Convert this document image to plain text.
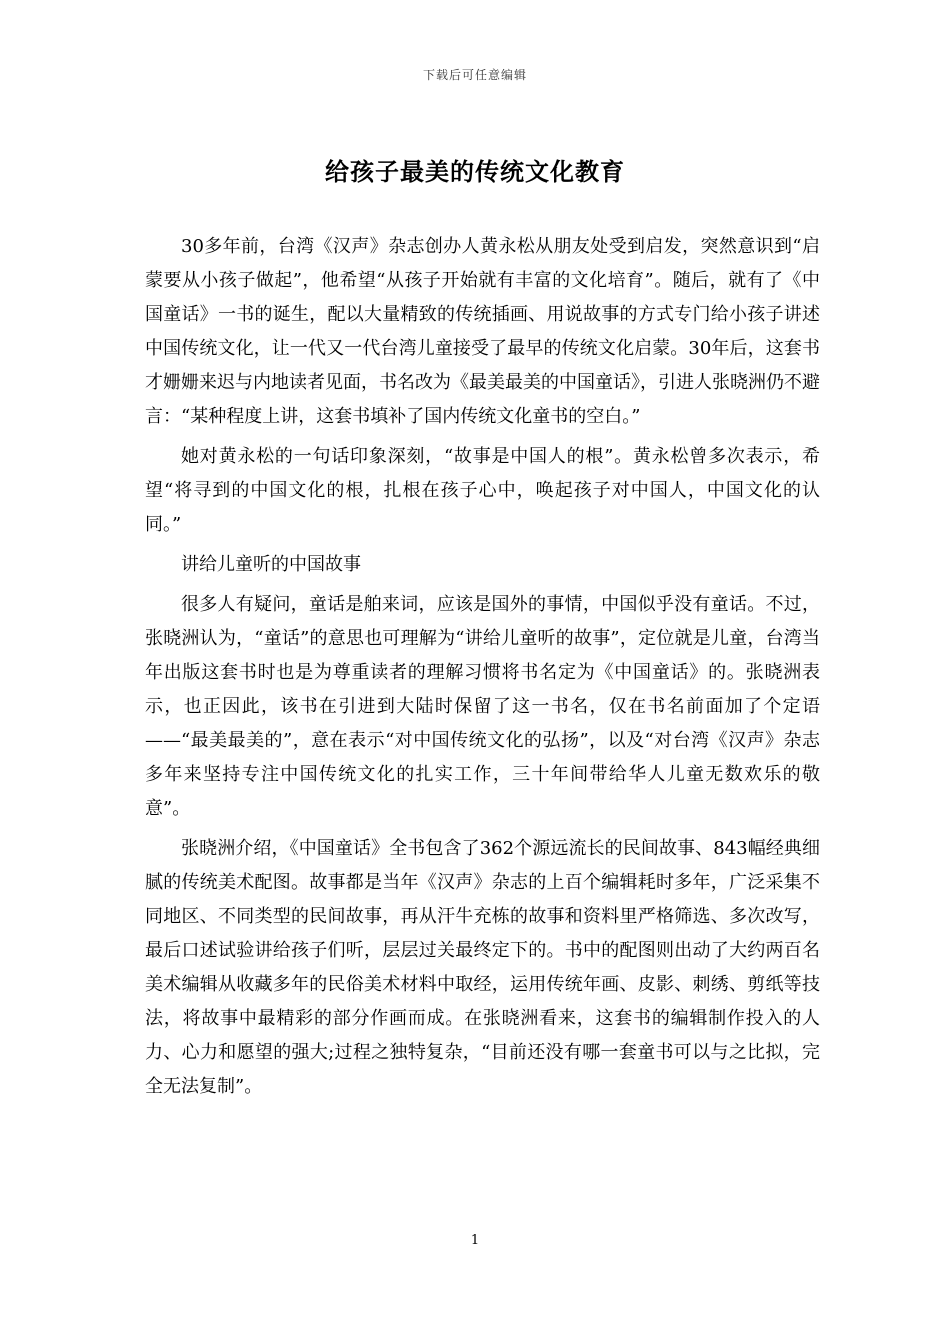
下载后可任意编辑
给孩子最美的传统文化教育

30多年前，台湾《汉声》杂志创办人黄永松从朋友处受到启发，突然意识到“启蒙要从小孩子做起”，他希望“从孩子开始就有丰富的文化培育”。随后，就有了《中国童话》一书的诞生，配以大量精致的传统插画、用说故事的方式专门给小孩子讲述中国传统文化，让一代又一代台湾儿童接受了最早的传统文化启蒙。30年后，这套书才姗姗来迟与内地读者见面，书名改为《最美最美的中国童话》，引进人张晓洲仍不避言：“某种程度上讲，这套书填补了国内传统文化童书的空白。”

她对黄永松的一句话印象深刻，“故事是中国人的根”。黄永松曾多次表示，希望“将寻到的中国文化的根，扎根在孩子心中，唤起孩子对中国人，中国文化的认同。”

讲给儿童听的中国故事

很多人有疑问，童话是舶来词，应该是国外的事情，中国似乎没有童话。不过，张晓洲认为，“童话”的意思也可理解为“讲给儿童听的故事”，定位就是儿童，台湾当年出版这套书时也是为尊重读者的理解习惯将书名定为《中国童话》的。张晓洲表示，也正因此，该书在引进到大陆时保留了这一书名，仅在书名前面加了个定语——“最美最美的”，意在表示“对中国传统文化的弘扬”，以及“对台湾《汉声》杂志多年来坚持专注中国传统文化的扎实工作，三十年间带给华人儿童无数欢乐的敬意”。

张晓洲介绍，《中国童话》全书包含了362个源远流长的民间故事、843幅经典细腻的传统美术配图。故事都是当年《汉声》杂志的上百个编辑耗时多年，广泛采集不同地区、不同类型的民间故事，再从汗牛充栋的故事和资料里严格筛选、多次改写，最后口述试验讲给孩子们听，层层过关最终定下的。书中的配图则出动了大约两百名美术编辑从收藏多年的民俗美术材料中取经，运用传统年画、皮影、刺绣、剪纸等技法，将故事中最精彩的部分作画而成。在张晓洲看来，这套书的编辑制作投入的人力、心力和愿望的强大;过程之独特复杂，“目前还没有哪一套童书可以与之比拟，完全无法复制”。

1
